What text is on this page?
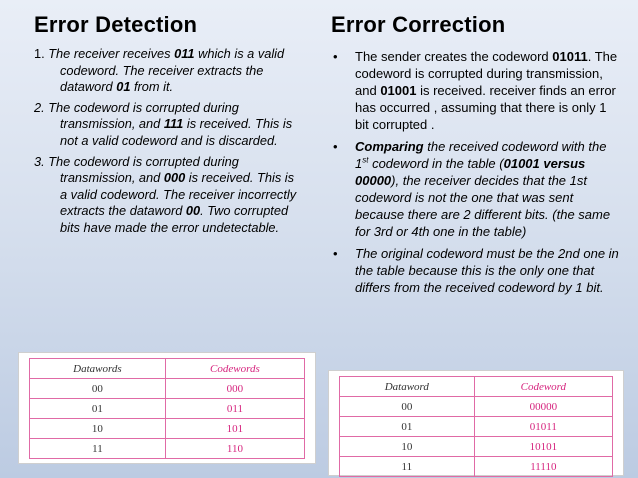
Error Detection	Error Correction
1. The receiver receives 011 which is a valid codeword. The receiver extracts the dataword 01 from it.
2. The codeword is corrupted during transmission, and 111 is received. This is not a valid codeword and is discarded.
3. The codeword is corrupted during transmission, and 000 is received. This is a valid codeword. The receiver incorrectly extracts the dataword 00. Two corrupted bits have made the error undetectable.
• The sender creates the codeword 01011. The codeword is corrupted during transmission, and 01001 is received. receiver finds an error has occurred , assuming that there is only 1 bit corrupted .
• Comparing the received codeword with the 1st codeword in the table (01001 versus 00000), the receiver decides that the 1st codeword is not the one that was sent because there are 2 different bits. (the same for 3rd or 4th one in the table)
• The original codeword must be the 2nd one in the table because this is the only one that differs from the received codeword by 1 bit.
Datawords	Codewords
00	000
01	011
10	101
11	110
Dataword	Codeword
00	00000
01	01011
10	10101
11	11110
